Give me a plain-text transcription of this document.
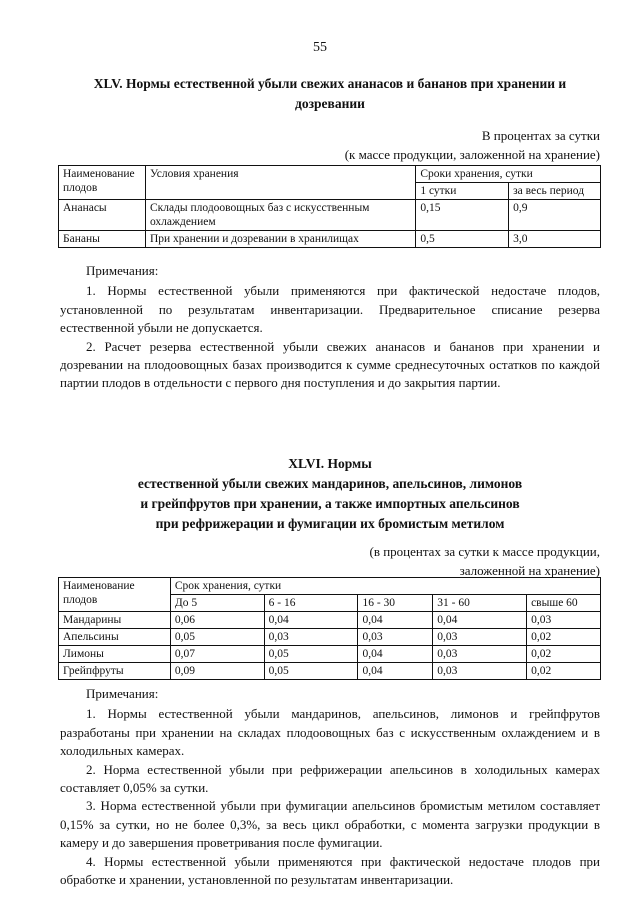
55
XLV. Нормы естественной убыли свежих ананасов и бананов при хранении и
дозревании
В процентах за сутки
(к массе продукции, заложенной на хранение)
Наименование плодов	Условия хранения	Сроки хранения, сутки	
		1 сутки	за весь период
Ананасы	Склады плодоовощных баз с искусственным охлаждением	0,15	0,9
Бананы	При хранении и дозревании в хранилищах	0,5	3,0

Примечания:

1. Нормы естественной убыли применяются при фактической недостаче плодов, установленной по результатам инвентаризации. Предварительное списание резерва естественной убыли не допускается.

2. Расчет резерва естественной убыли свежих ананасов и бананов при хранении и дозревании на плодоовощных базах производится к сумме среднесуточных остатков по каждой партии плодов в отдельности с первого дня поступления и до закрытия партии.

XLVI. Нормы
естественной убыли свежих мандаринов, апельсинов, лимонов
и грейпфрутов при хранении, а также импортных апельсинов
при рефрижерации и фумигации их бромистым метилом
(в процентах за сутки к массе продукции,
заложенной на хранение)
Наименование плодов	Срок хранения, сутки				
	До 5	6 - 16	16 - 30	31 - 60	свыше 60
Мандарины	0,06	0,04	0,04	0,04	0,03
Апельсины	0,05	0,03	0,03	0,03	0,02
Лимоны	0,07	0,05	0,04	0,03	0,02
Грейпфруты	0,09	0,05	0,04	0,03	0,02

Примечания:

1. Нормы естественной убыли мандаринов, апельсинов, лимонов и грейпфрутов разработаны при хранении на складах плодоовощных баз с искусственным охлаждением и в холодильных камерах.

2. Норма естественной убыли при рефрижерации апельсинов в холодильных камерах составляет 0,05% за сутки.

3. Норма естественной убыли при фумигации апельсинов бромистым метилом составляет 0,15% за сутки, но не более 0,3%, за весь цикл обработки, с момента загрузки продукции в камеру и до завершения проветривания после фумигации.

4. Нормы естественной убыли применяются при фактической недостаче плодов при обработке и хранении, установленной по результатам инвентаризации.
